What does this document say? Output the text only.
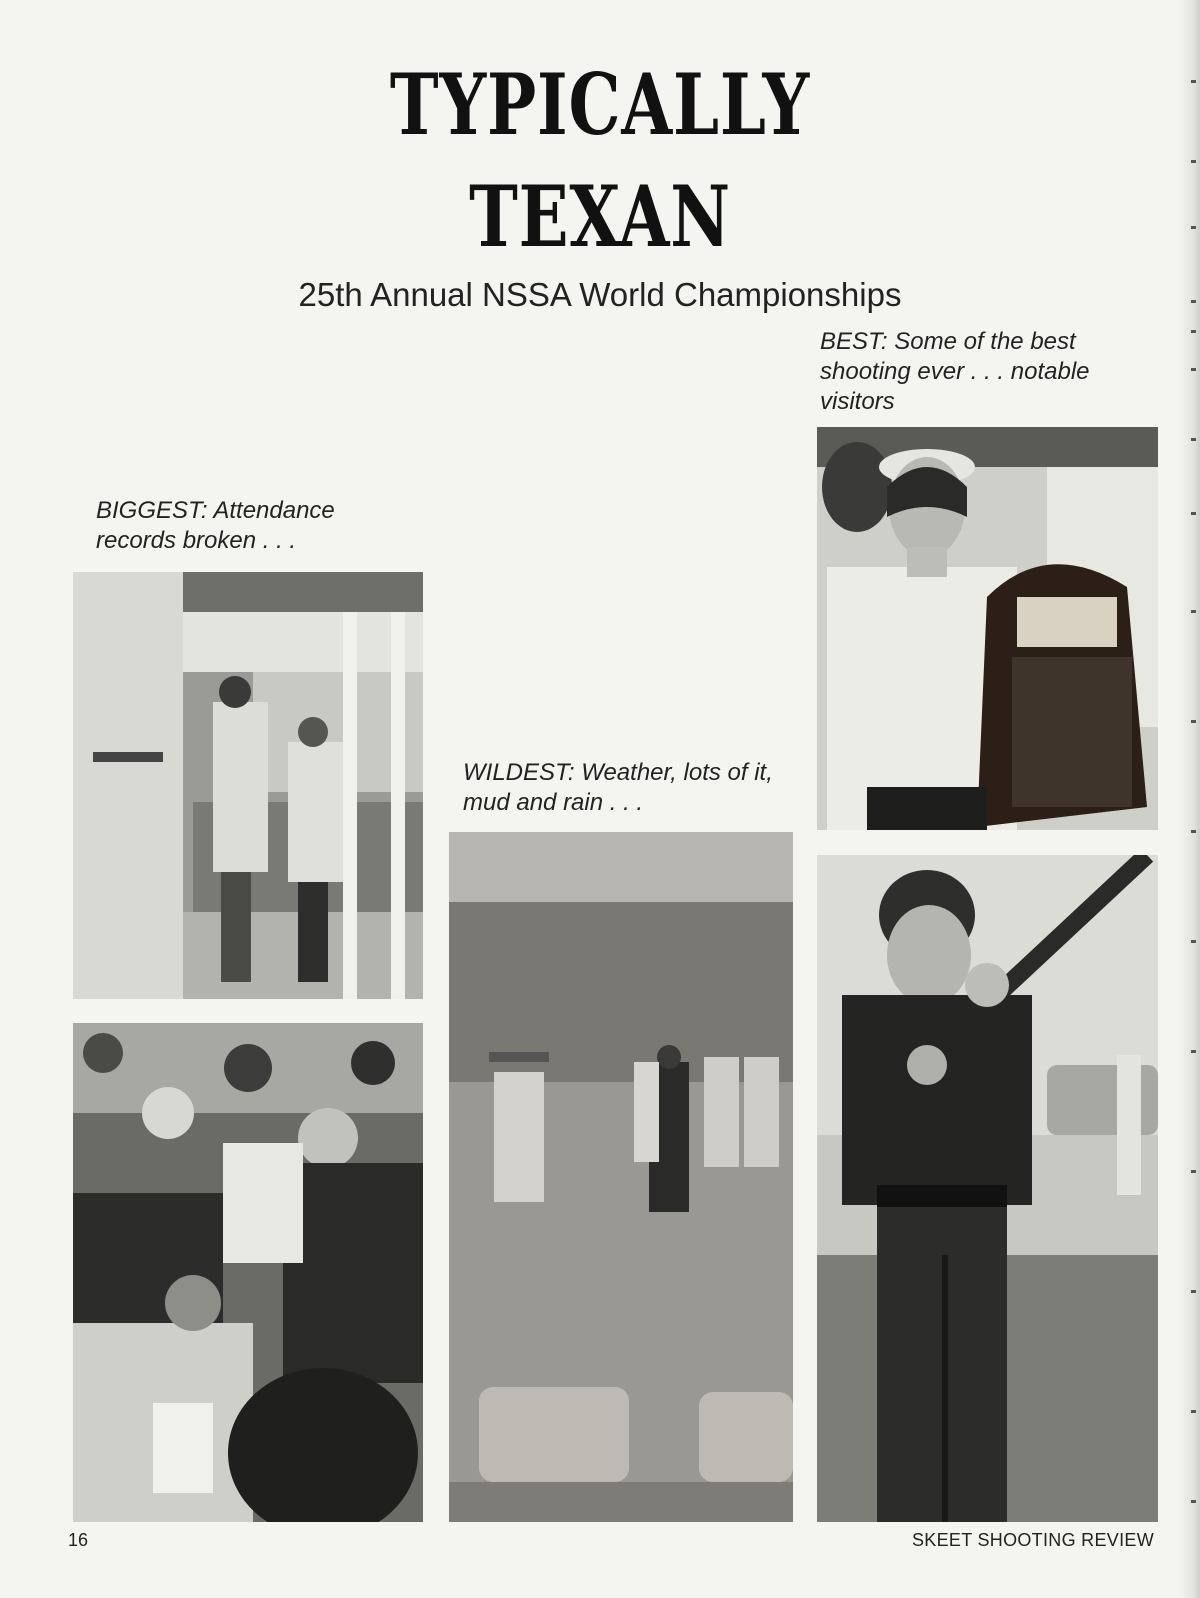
TYPICALLY
TEXAN
25th Annual NSSA World Championships
BEST: Some of the best shooting ever . . . notable visitors
BIGGEST: Attendance records broken . . .
WILDEST: Weather, lots of it, mud and rain . . .
16	SKEET SHOOTING REVIEW
